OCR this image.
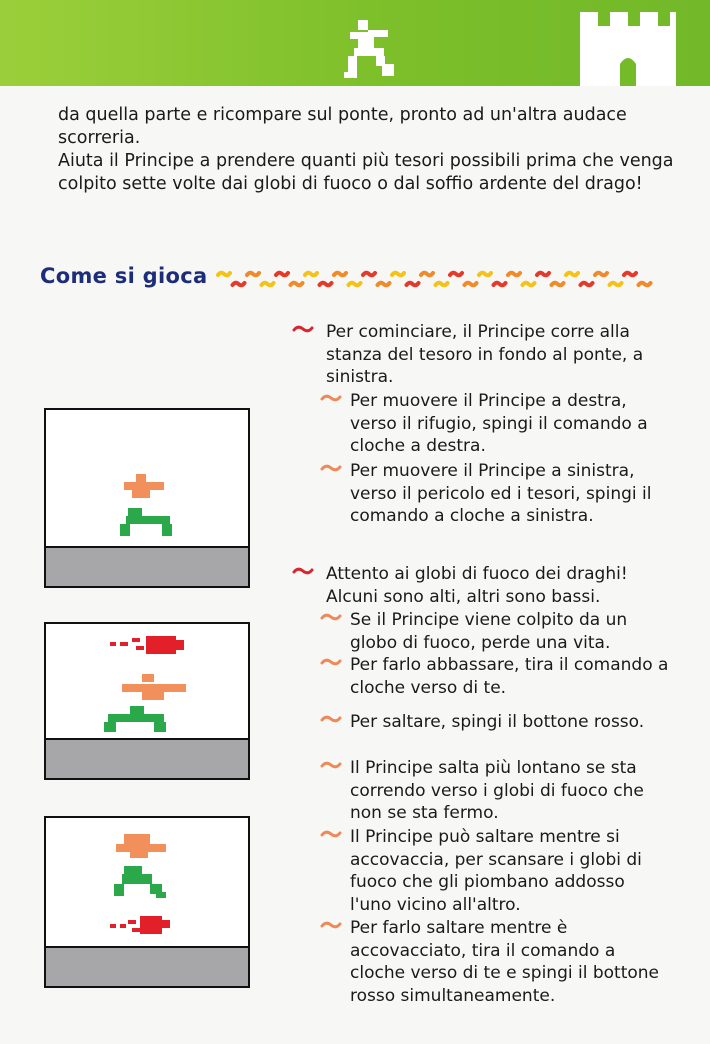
da quella parte e ricompare sul ponte, pronto ad un'altra audace scorreria.

Aiuta il Principe a prendere quanti più tesori possibili prima che venga colpito sette volte dai globi di fuoco o dal soffio ardente del drago!

Come si gioca
Per cominciare, il Principe corre alla stanza del tesoro in fondo al ponte, a sinistra.
Per muovere il Principe a destra, verso il rifugio, spingi il comando a cloche a destra.
Per muovere il Principe a sinistra, verso il pericolo ed i tesori, spingi il comando a cloche a sinistra.
Attento ai globi di fuoco dei draghi! Alcuni sono alti, altri sono bassi.
Se il Principe viene colpito da un globo di fuoco, perde una vita.
Per farlo abbassare, tira il comando a cloche verso di te.
Per saltare, spingi il bottone rosso.
Il Principe salta più lontano se sta correndo verso i globi di fuoco che non se sta fermo.
Il Principe può saltare mentre si accovaccia, per scansare i globi di fuoco che gli piombano addosso l'uno vicino all'altro.
Per farlo saltare mentre è accovacciato, tira il comando a cloche verso di te e spingi il bottone rosso simultaneamente.
